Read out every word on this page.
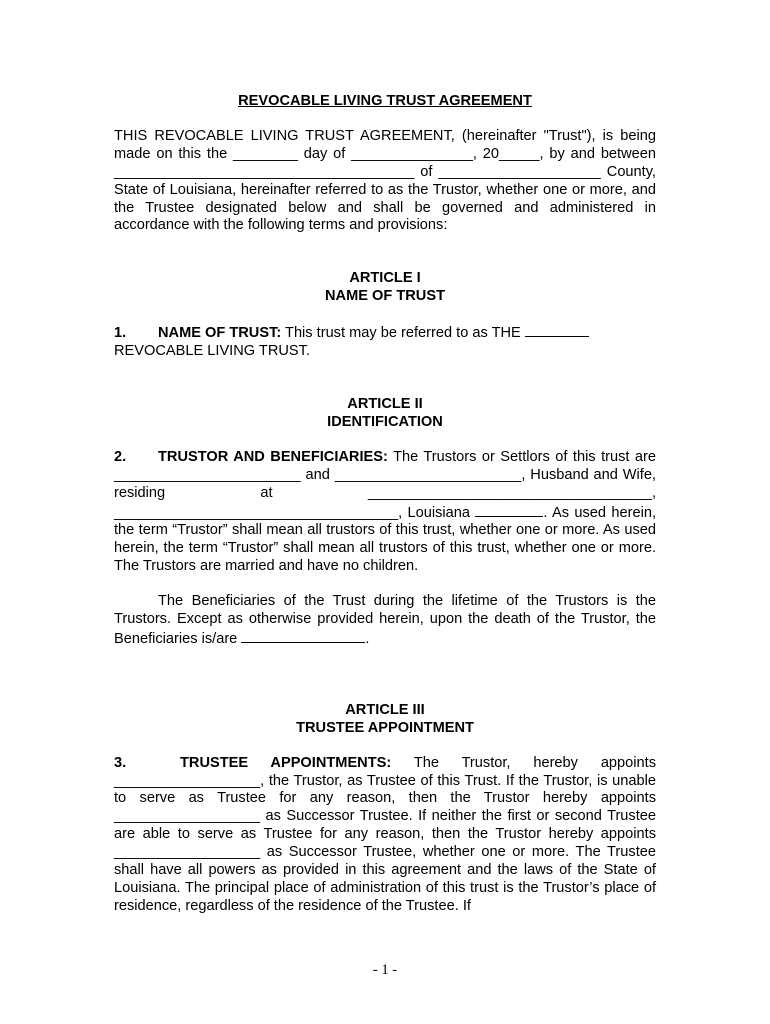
REVOCABLE LIVING TRUST AGREEMENT

THIS REVOCABLE LIVING TRUST AGREEMENT, (hereinafter "Trust"), is being made on this the ________ day of _______________, 20_____, by and between _____________________________________ of ____________________ County, State of Louisiana, hereinafter referred to as the Trustor, whether one or more, and the Trustee designated below and shall be governed and administered in accordance with the following terms and provisions:

ARTICLE I

NAME OF TRUST

1. NAME OF TRUST: This trust may be referred to as THE
REVOCABLE LIVING TRUST.

ARTICLE II

IDENTIFICATION

2. TRUSTOR AND BENEFICIARIES: The Trustors or Settlors of this trust are _______________________ and _______________________, Husband and Wife, residing at ___________________________________, ___________________________________, Louisiana	. As used herein, the term “Trustor” shall mean all trustors of this trust, whether one or more. As used herein, the term “Trustor” shall mean all trustors of this trust, whether one or more. The Trustors are married and have no children.

The Beneficiaries of the Trust during the lifetime of the Trustors is the Trustors. Except as otherwise provided herein, upon the death of the Trustor, the Beneficiaries is/are	.

ARTICLE III

TRUSTEE APPOINTMENT

3.	TRUSTEE APPOINTMENTS: The Trustor, hereby appoints __________________, the Trustor, as Trustee of this Trust. If the Trustor, is unable to serve as Trustee for any reason, then the Trustor hereby appoints __________________ as Successor Trustee. If neither the first or second Trustee are able to serve as Trustee for any reason, then the Trustor hereby appoints __________________ as Successor Trustee, whether one or more. The Trustee shall have all powers as provided in this agreement and the laws of the State of Louisiana. The principal place of administration of this trust is the Trustor’s place of residence, regardless of the residence of the Trustee. If

- 1 -
